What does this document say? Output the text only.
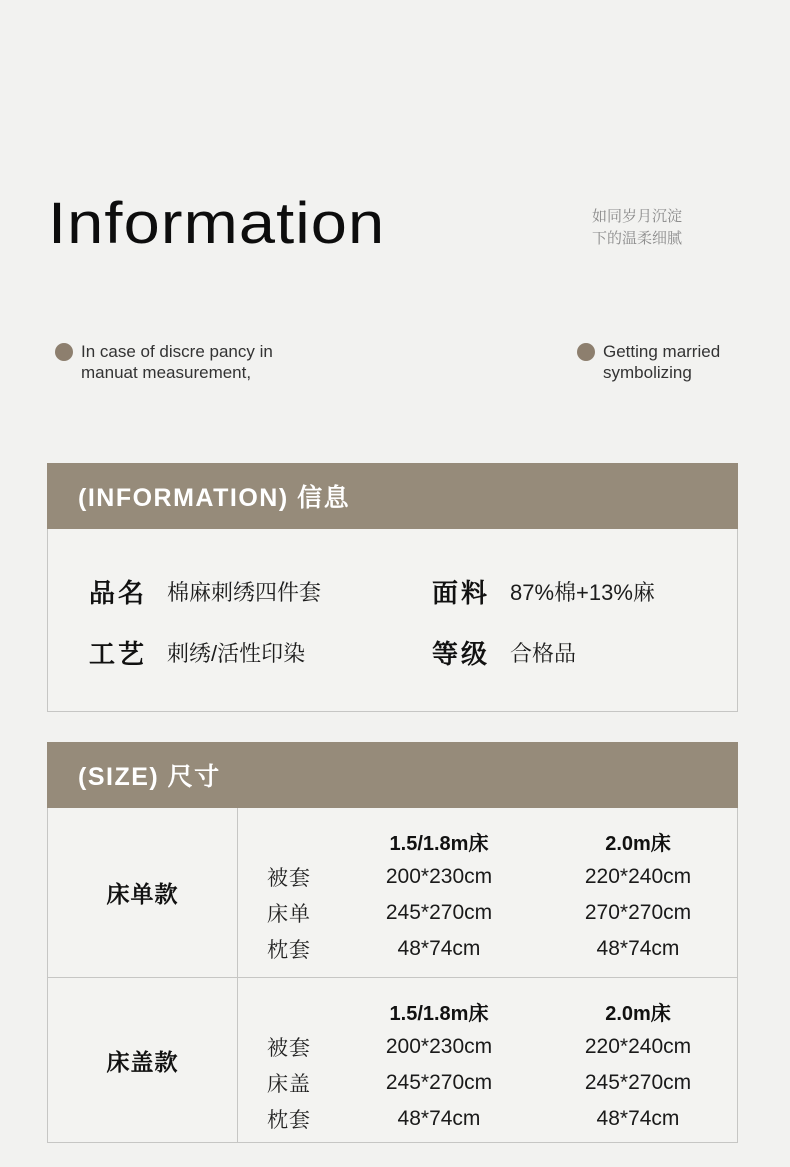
Information	如同岁月沉淀
下的温柔细腻
In case of discre pancy in
manuat measurement,
Getting married
symbolizing
(INFORMATION) 信息
品名 棉麻刺绣四件套	面料 87%棉+13%麻
工艺 刺绣/活性印染	等级 合格品
(SIZE) 尺寸
床单款
1.5/1.8m床	2.0m床
被套	200*230cm	220*240cm
床单	245*270cm	270*270cm
枕套	48*74cm	48*74cm
床盖款
1.5/1.8m床	2.0m床
被套	200*230cm	220*240cm
床盖	245*270cm	245*270cm
枕套	48*74cm	48*74cm
